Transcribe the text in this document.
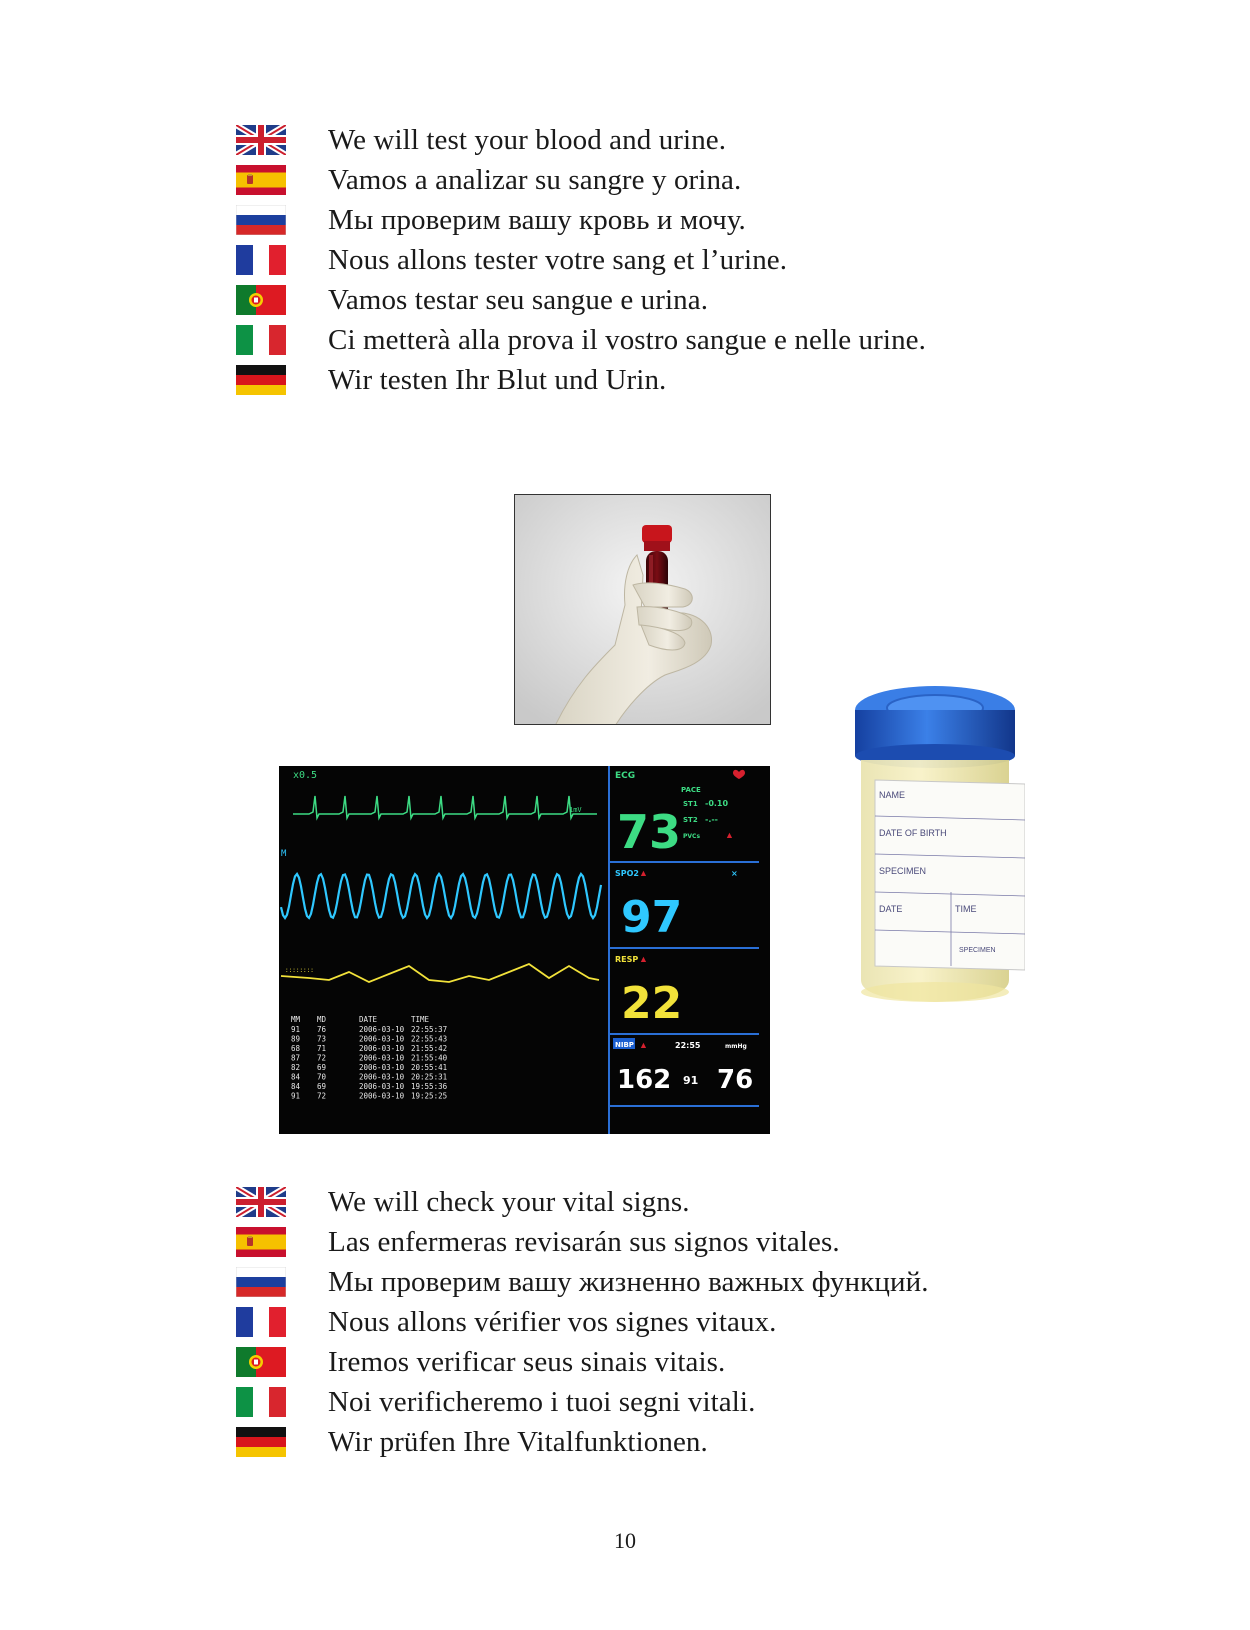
We will test your blood and urine.
Vamos a analizar su sangre y orina.
Мы проверим вашу кровь и мочу.
Nous allons tester votre sang et l’urine.
Vamos testar seu sangue e urina.
Ci metterà alla prova il vostro sangue e nelle urine.
Wir testen Ihr Blut und Urin.
x0.5
1mV
M
::::::::
MM MD	DATE	TIME
91 76	2006-03-10 22:55:37
89 73	2006-03-10 22:55:43
68 71	2006-03-10 21:55:42
87 72	2006-03-10 21:55:40
82 69	2006-03-10 20:55:41
84 70	2006-03-10 20:25:31
84 69	2006-03-10 19:55:36
91 72	2006-03-10 19:25:25
ECG
PACE
73
ST1 -0.10
ST2 -.--
PVCs	▲
SPO2 ▲	×
97
RESP ▲
22
NIBP ▲	22:55	mmHg
162 91 76
NAME
DATE OF BIRTH
SPECIMEN
DATE	TIME
SPECIMEN
We will check your vital signs.
Las enfermeras revisarán sus signos vitales.
Мы проверим вашу жизненно важных функций.
Nous allons vérifier vos signes vitaux.
Iremos verificar seus sinais vitais.
Noi verificheremo i tuoi segni vitali.
Wir prüfen Ihre Vitalfunktionen.
10
